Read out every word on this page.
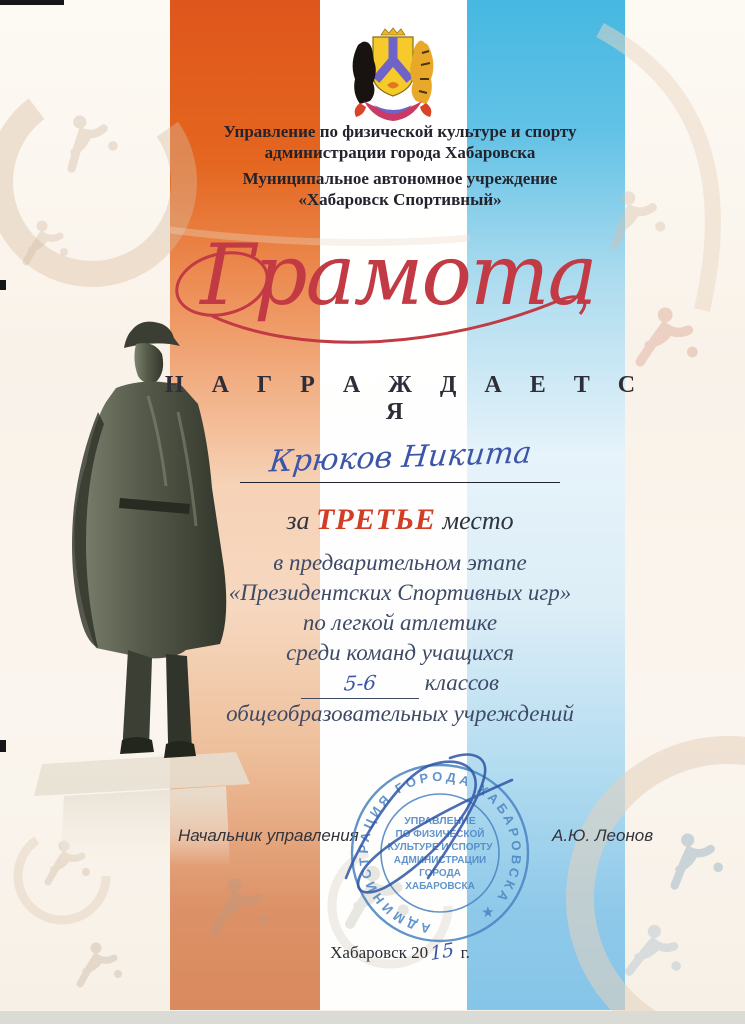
Управление по физической культуре и спорту
администрации города Хабаровска
Муниципальное автономное учреждение
«Хабаровск Спортивный»
Грамота
Н А Г Р А Ж Д А Е Т С Я
Крюков Никита
за ТРЕТЬЕ место
в предварительном этапе
«Президентских Спортивных игр»
по легкой атлетике
среди команд учащихся
5-6 классов
общеобразовательных учреждений
Начальник управления	А.Ю. Леонов
АДМИНИСТРАЦИЯ ГОРОДА ХАБАРОВСКА ★
УПРАВЛЕНИЕ
ПО ФИЗИЧЕСКОЙ
КУЛЬТУРЕ И СПОРТУ
АДМИНИСТРАЦИИ
ГОРОДА
ХАБАРОВСКА
Хабаровск 2015 г.
